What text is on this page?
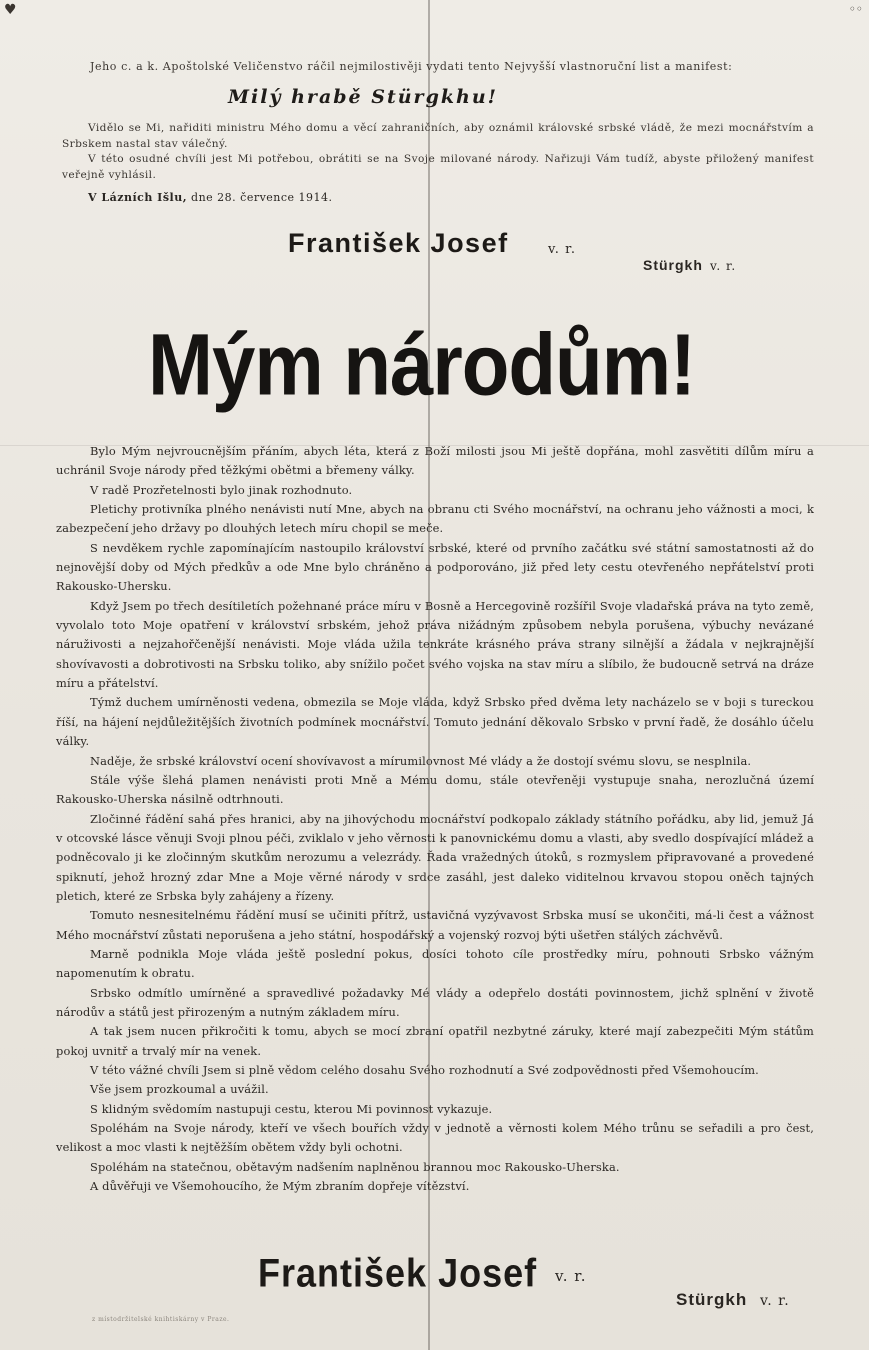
♥	◦◦
Jeho c. a k. Apoštolské Veličenstvo ráčil nejmilostivěji vydati tento Nejvyšší vlastnoruční list a manifest:
Milý hrabě Stürgkhu!

Vidělo se Mi, nařiditi ministru Mého domu a věcí zahraničních, aby oznámil královské srbské vládě, že mezi mocnářstvím a Srbskem nastal stav válečný.

V této osudné chvíli jest Mi potřebou, obrátiti se na Svoje milované národy. Nařizuji Vám tudíž, abyste přiložený manifest veřejně vyhlásil.

V Lázních Išlu, dne 28. července 1914.
František Josef	v. r.
Stürgkh v. r.
Mým národům!

Bylo Mým nejvroucnějším přáním, abych léta, která z Boží milosti jsou Mi ještě dopřána, mohl zasvětiti dílům míru a uchránil Svoje národy před těžkými obětmi a břemeny války.

V radě Prozřetelnosti bylo jinak rozhodnuto.

Pletichy protivníka plného nenávisti nutí Mne, abych na obranu cti Svého mocnářství, na ochranu jeho vážnosti a moci, k zabezpečení jeho državy po dlouhých letech míru chopil se meče.

S nevděkem rychle zapomínajícím nastoupilo království srbské, které od prvního začátku své státní samostatnosti až do nejnovější doby od Mých předkův a ode Mne bylo chráněno a podporováno, již před lety cestu otevřeného nepřátelství proti Rakousko-Uhersku.

Když Jsem po třech desítiletích požehnané práce míru v Bosně a Hercegovině rozšířil Svoje vladařská práva na tyto země, vyvolalo toto Moje opatření v království srbském, jehož práva nižádným způsobem nebyla porušena, výbuchy nevázané náruživosti a nejzahořčenější nenávisti. Moje vláda užila tenkráte krásného práva strany silnější a žádala v nejkrajnější shovívavosti a dobrotivosti na Srbsku toliko, aby snížilo počet svého vojska na stav míru a slíbilo, že budoucně setrvá na dráze míru a přátelství.

Týmž duchem umírněnosti vedena, obmezila se Moje vláda, když Srbsko před dvěma lety nacházelo se v boji s tureckou říší, na hájení nejdůležitějších životních podmínek mocnářství. Tomuto jednání děkovalo Srbsko v první řadě, že dosáhlo účelu války.

Naděje, že srbské království ocení shovívavost a mírumilovnost Mé vlády a že dostojí svému slovu, se nesplnila.

Stále výše šlehá plamen nenávisti proti Mně a Mému domu, stále otevřeněji vystupuje snaha, nerozlučná území Rakousko-Uherska násilně odtrhnouti.

Zločinné řádění sahá přes hranici, aby na jihovýchodu mocnářství podkopalo základy státního pořádku, aby lid, jemuž Já v otcovské lásce věnuji Svoji plnou péči, zviklalo v jeho věrnosti k panovnickému domu a vlasti, aby svedlo dospívající mládež a podněcovalo ji ke zločinným skutkům nerozumu a velezrády. Řada vražedných útoků, s rozmyslem připravované a provedené spiknutí, jehož hrozný zdar Mne a Moje věrné národy v srdce zasáhl, jest daleko viditelnou krvavou stopou oněch tajných pletich, které ze Srbska byly zahájeny a řízeny.

Tomuto nesnesitelnému řádění musí se učiniti přítrž, ustavičná vyzývavost Srbska musí se ukončiti, má-li čest a vážnost Mého mocnářství zůstati neporušena a jeho státní, hospodářský a vojenský rozvoj býti ušetřen stálých záchvěvů.

Marně podnikla Moje vláda ještě poslední pokus, dosíci tohoto cíle prostředky míru, pohnouti Srbsko vážným napomenutím k obratu.

Srbsko odmítlo umírněné a spravedlivé požadavky Mé vlády a odepřelo dostáti povinnostem, jichž splnění v životě národův a států jest přirozeným a nutným základem míru.

A tak jsem nucen přikročiti k tomu, abych se mocí zbraní opatřil nezbytné záruky, které mají zabezpečiti Mým státům pokoj uvnitř a trvalý mír na venek.

V této vážné chvíli Jsem si plně vědom celého dosahu Svého rozhodnutí a Své zodpovědnosti před Všemohoucím.

Vše jsem prozkoumal a uvážil.

S klidným svědomím nastupuji cestu, kterou Mi povinnost vykazuje.

Spoléhám na Svoje národy, kteří ve všech bouřích vždy v jednotě a věrnosti kolem Mého trůnu se seřadili a pro čest, velikost a moc vlasti k nejtěžším obětem vždy byli ochotni.

Spoléhám na statečnou, obětavým nadšením naplněnou brannou moc Rakousko-Uherska.

A důvěřuji ve Všemohoucího, že Mým zbraním dopřeje vítězství.

František Josef v. r.
Stürgkh v. r.
z místodržitelské knihtiskárny v Praze.
